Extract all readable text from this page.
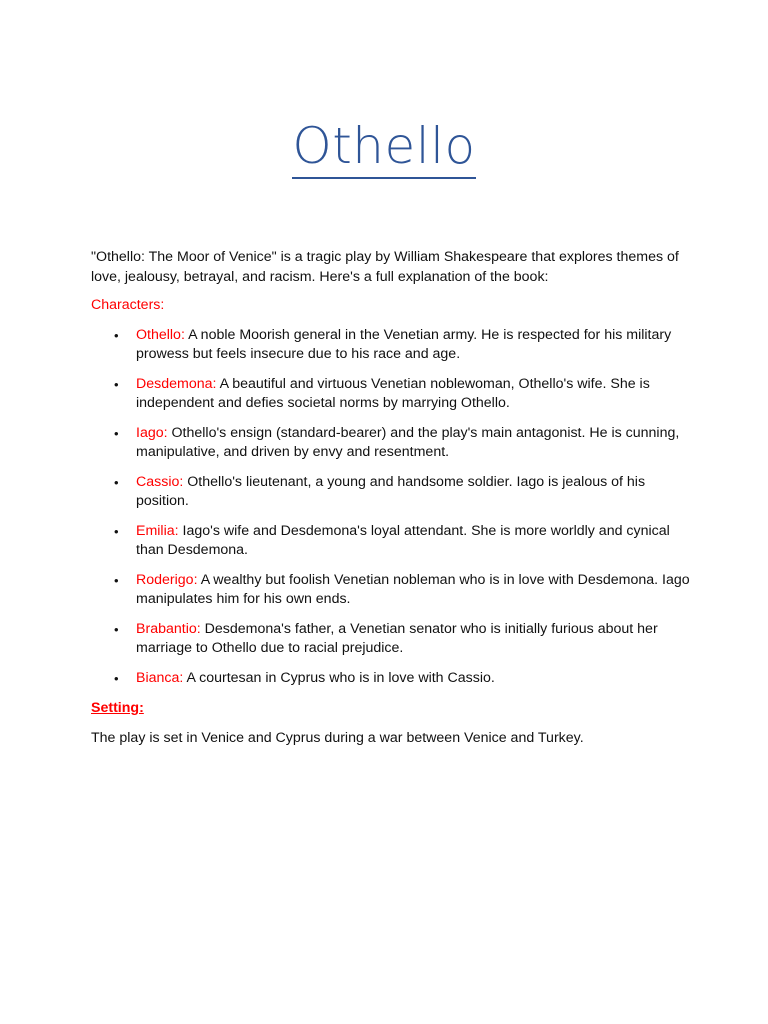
Othello

"Othello: The Moor of Venice" is a tragic play by William Shakespeare that explores themes of love, jealousy, betrayal, and racism. Here's a full explanation of the book:

Characters:

• Othello: A noble Moorish general in the Venetian army. He is respected for his military prowess but feels insecure due to his race and age.
• Desdemona: A beautiful and virtuous Venetian noblewoman, Othello's wife. She is independent and defies societal norms by marrying Othello.
• Iago: Othello's ensign (standard-bearer) and the play's main antagonist. He is cunning, manipulative, and driven by envy and resentment.
• Cassio: Othello's lieutenant, a young and handsome soldier. Iago is jealous of his position.
• Emilia: Iago's wife and Desdemona's loyal attendant. She is more worldly and cynical than Desdemona.
• Roderigo: A wealthy but foolish Venetian nobleman who is in love with Desdemona. Iago manipulates him for his own ends.
• Brabantio: Desdemona's father, a Venetian senator who is initially furious about her marriage to Othello due to racial prejudice.
• Bianca: A courtesan in Cyprus who is in love with Cassio.

Setting:

The play is set in Venice and Cyprus during a war between Venice and Turkey.
